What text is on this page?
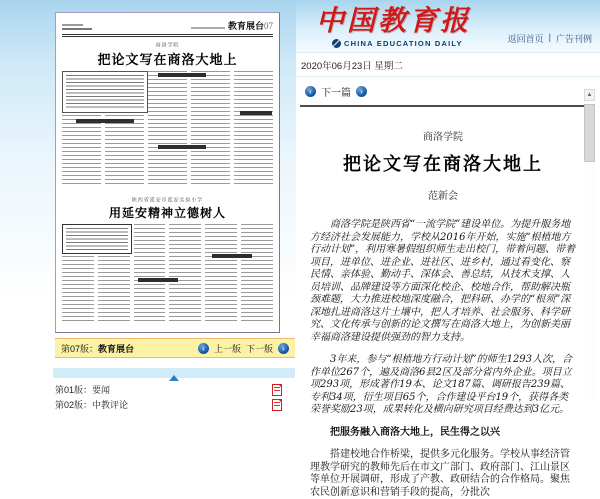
教育展台07
商洛学院
把论文写在商洛大地上
陕西省延安市延安实验小学
用延安精神立德树人
第07版：教育展台	‹	上一版 下一版	›
第01版：要闻
第02版：中教评论
中国教育报
CHINA EDUCATION DAILY	返回首页 | 广告刊例
2020年06月23日 星期二
‹ 下一篇	›
商洛学院
把论文写在商洛大地上
范新会

商洛学院是陕西省“一流学院”建设单位。为提升服务地方经济社会发展能力，学校从2016年开始，实施“根植地方行动计划”，利用寒暑假组织师生走出校门，带着问题、带着项目，进单位、进企业、进社区、进乡村，通过看变化、察民情、亲体验、勤动手、深体会、善总结，从技术支撑、人员培训、品牌建设等方面深化校企、校地合作，帮助解决瓶颈难题，大力推进校地深度融合，把科研、办学的“根须”深深地扎进商洛这片土壤中，把人才培养、社会服务、科学研究、文化传承与创新的论文撰写在商洛大地上，为创新美丽幸福商洛建设提供强劲的智力支持。

3年来，参与“根植地方行动计划”的师生1293人次，合作单位267个，遍及商洛6县2区及部分省内外企业。项目立项293项，形成著作19本、论文187篇、调研报告239篇、专利34项，衍生项目65个，合作建设平台19个，获得各类荣誉奖励23项，成果转化及横向研究项目经费达到3亿元。

把服务融入商洛大地上，民生得之以兴

搭建校地合作桥梁，提供多元化服务。学校从事经济管理教学研究的教师先后在市文广部门、政府部门、江山景区等单位开展调研，形成了产教、政研结合的合作格局。聚焦农民创新意识和营销手段的提高，分批次

▲
